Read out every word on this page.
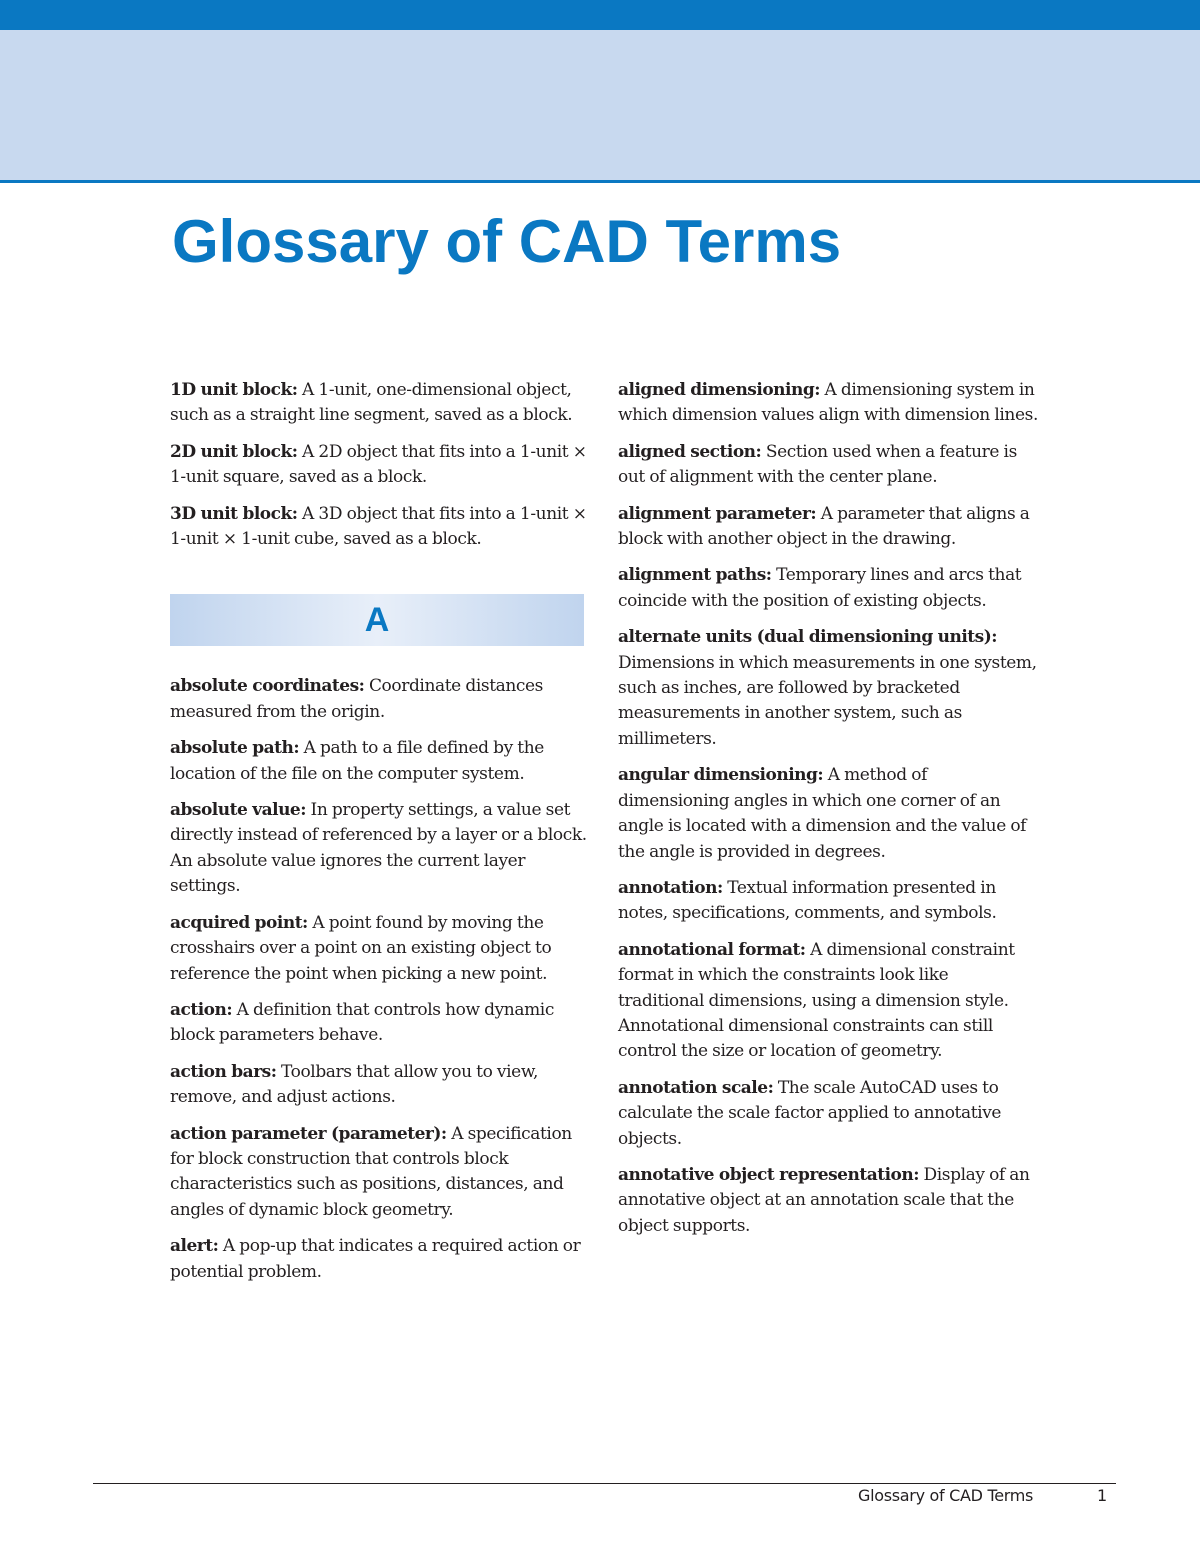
Glossary of CAD Terms

1D unit block: A 1-unit, one-dimensional object, such as a straight line segment, saved as a block.

2D unit block: A 2D object that fits into a 1-unit × 1-unit square, saved as a block.

3D unit block: A 3D object that fits into a 1-unit × 1-unit × 1-unit cube, saved as a block.

A

absolute coordinates: Coordinate distances measured from the origin.

absolute path: A path to a file defined by the location of the file on the computer system.

absolute value: In property settings, a value set directly instead of referenced by a layer or a block. An absolute value ignores the current layer settings.

acquired point: A point found by moving the crosshairs over a point on an existing object to reference the point when picking a new point.

action: A definition that controls how dynamic block parameters behave.

action bars: Toolbars that allow you to view, remove, and adjust actions.

action parameter (parameter): A specification for block construction that controls block characteristics such as positions, distances, and angles of dynamic block geometry.

alert: A pop-up that indicates a required action or potential problem.

aligned dimensioning: A dimensioning system in which dimension values align with dimension lines.

aligned section: Section used when a feature is out of alignment with the center plane.

alignment parameter: A parameter that aligns a block with another object in the drawing.

alignment paths: Temporary lines and arcs that coincide with the position of existing objects.

alternate units (dual dimensioning units): Dimensions in which measurements in one system, such as inches, are followed by bracketed measurements in another system, such as millimeters.

angular dimensioning: A method of dimensioning angles in which one corner of an angle is located with a dimension and the value of the angle is provided in degrees.

annotation: Textual information presented in notes, specifications, comments, and symbols.

annotational format: A dimensional constraint format in which the constraints look like traditional dimensions, using a dimension style. Annotational dimensional constraints can still control the size or location of geometry.

annotation scale: The scale AutoCAD uses to calculate the scale factor applied to annotative objects.

annotative object representation: Display of an annotative object at an annotation scale that the object supports.

Glossary of CAD Terms	1
